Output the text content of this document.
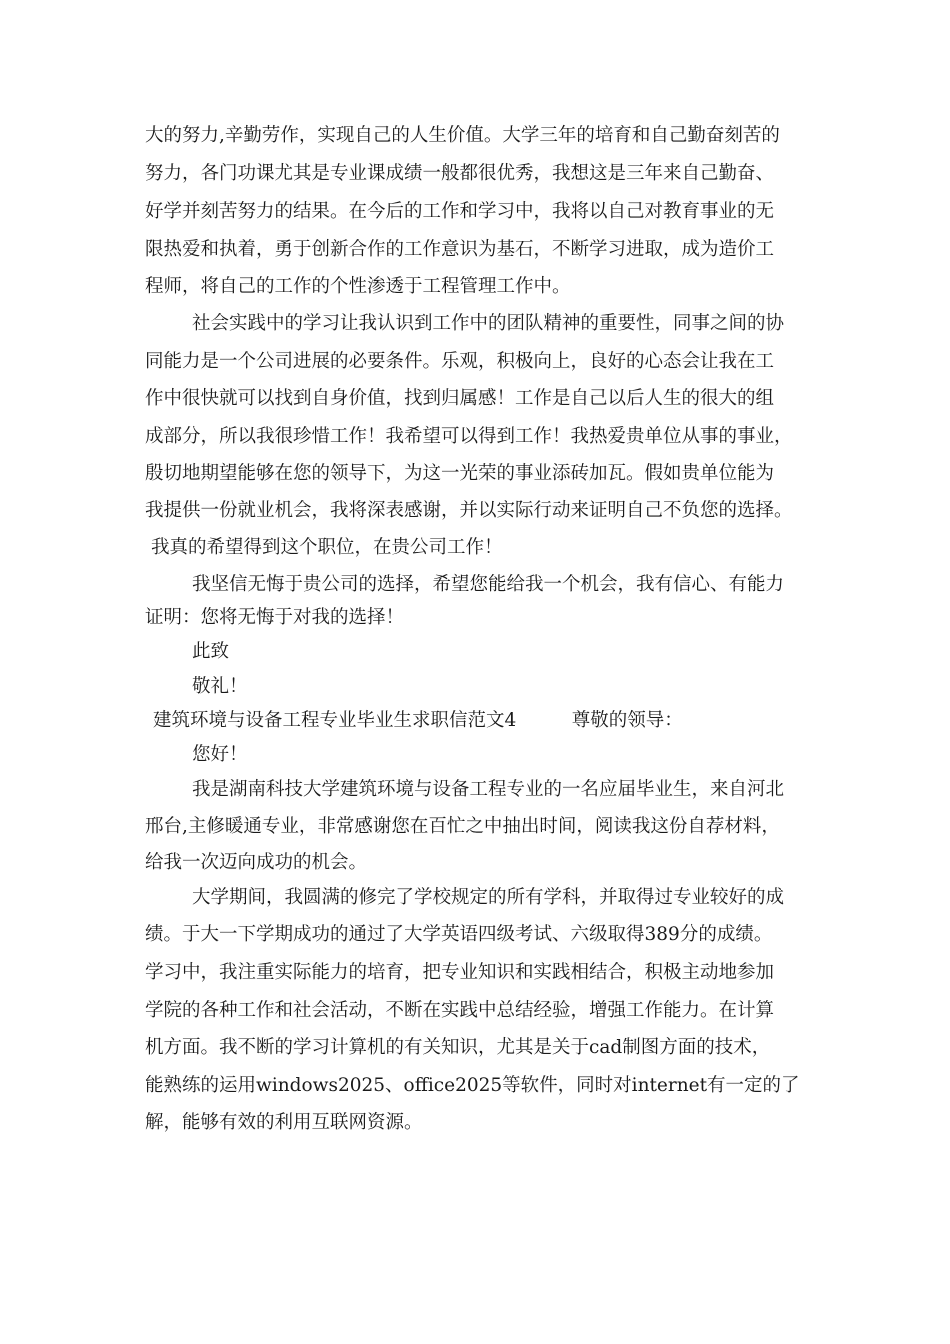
大的努力,辛勤劳作，实现自己的人生价值。大学三年的培育和自己勤奋刻苦的
努力，各门功课尤其是专业课成绩一般都很优秀，我想这是三年来自己勤奋、
好学并刻苦努力的结果。在今后的工作和学习中，我将以自己对教育事业的无
限热爱和执着，勇于创新合作的工作意识为基石，不断学习进取，成为造价工
程师，将自己的工作的个性渗透于工程管理工作中。
社会实践中的学习让我认识到工作中的团队精神的重要性，同事之间的协
同能力是一个公司进展的必要条件。乐观，积极向上，良好的心态会让我在工
作中很快就可以找到自身价值，找到归属感！工作是自己以后人生的很大的组
成部分，所以我很珍惜工作！我希望可以得到工作！我热爱贵单位从事的事业，
殷切地期望能够在您的领导下，为这一光荣的事业添砖加瓦。假如贵单位能为
我提供一份就业机会，我将深表感谢，并以实际行动来证明自己不负您的选择。
我真的希望得到这个职位，在贵公司工作！
我坚信无悔于贵公司的选择，希望您能给我一个机会，我有信心、有能力
证明：您将无悔于对我的选择！
此致
敬礼！
建筑环境与设备工程专业毕业生求职信范文4　　　尊敬的领导：
您好！
我是湖南科技大学建筑环境与设备工程专业的一名应届毕业生，来自河北
邢台,主修暖通专业，非常感谢您在百忙之中抽出时间，阅读我这份自荐材料，
给我一次迈向成功的机会。
大学期间，我圆满的修完了学校规定的所有学科，并取得过专业较好的成
绩。于大一下学期成功的通过了大学英语四级考试、六级取得389分的成绩。
学习中，我注重实际能力的培育，把专业知识和实践相结合，积极主动地参加
学院的各种工作和社会活动，不断在实践中总结经验，增强工作能力。在计算
机方面。我不断的学习计算机的有关知识，尤其是关于cad制图方面的技术，
能熟练的运用windows2025、office2025等软件，同时对internet有一定的了
解，能够有效的利用互联网资源。
